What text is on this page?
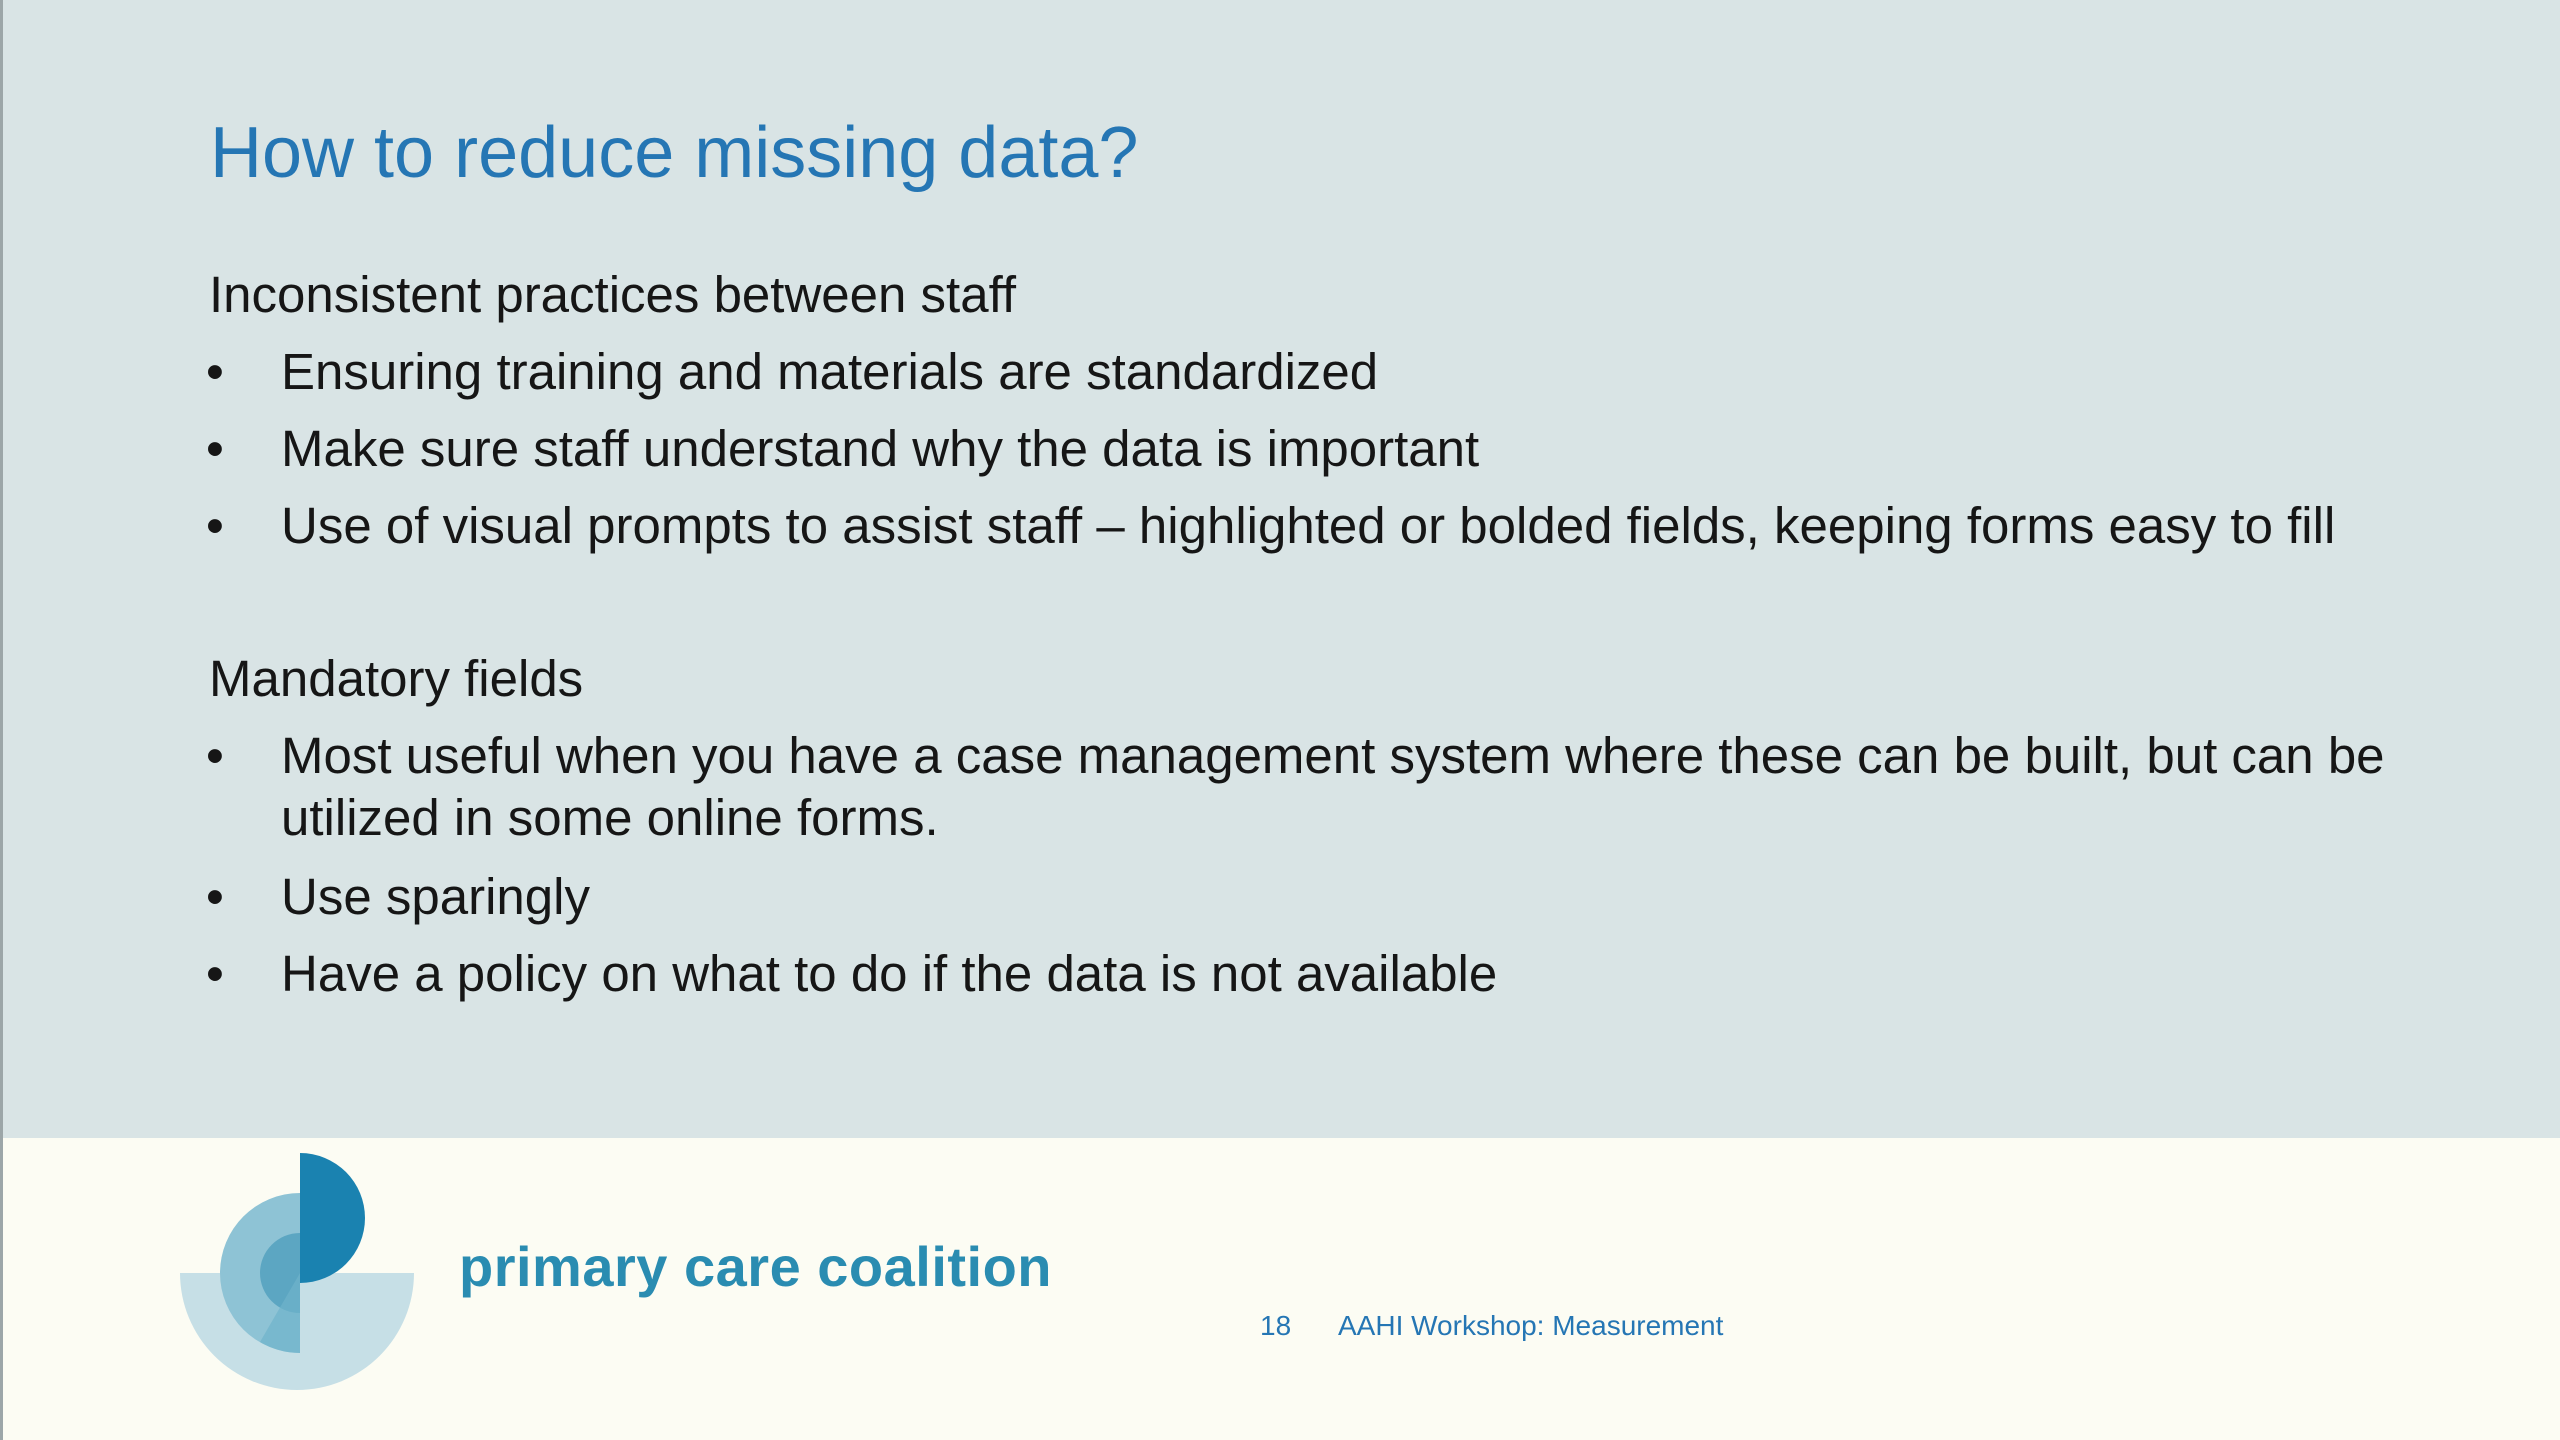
How to reduce missing data?
Inconsistent practices between staff
•	Ensuring training and materials are standardized
•	Make sure staff understand why the data is important
•	Use of visual prompts to assist staff – highlighted or bolded fields, keeping forms easy to fill
Mandatory fields
•	Most useful when you have a case management system where these can be built, but can be utilized in some online forms.
•	Use sparingly
•	Have a policy on what to do if the data is not available
primary care coalition
18 AAHI Workshop: Measurement
